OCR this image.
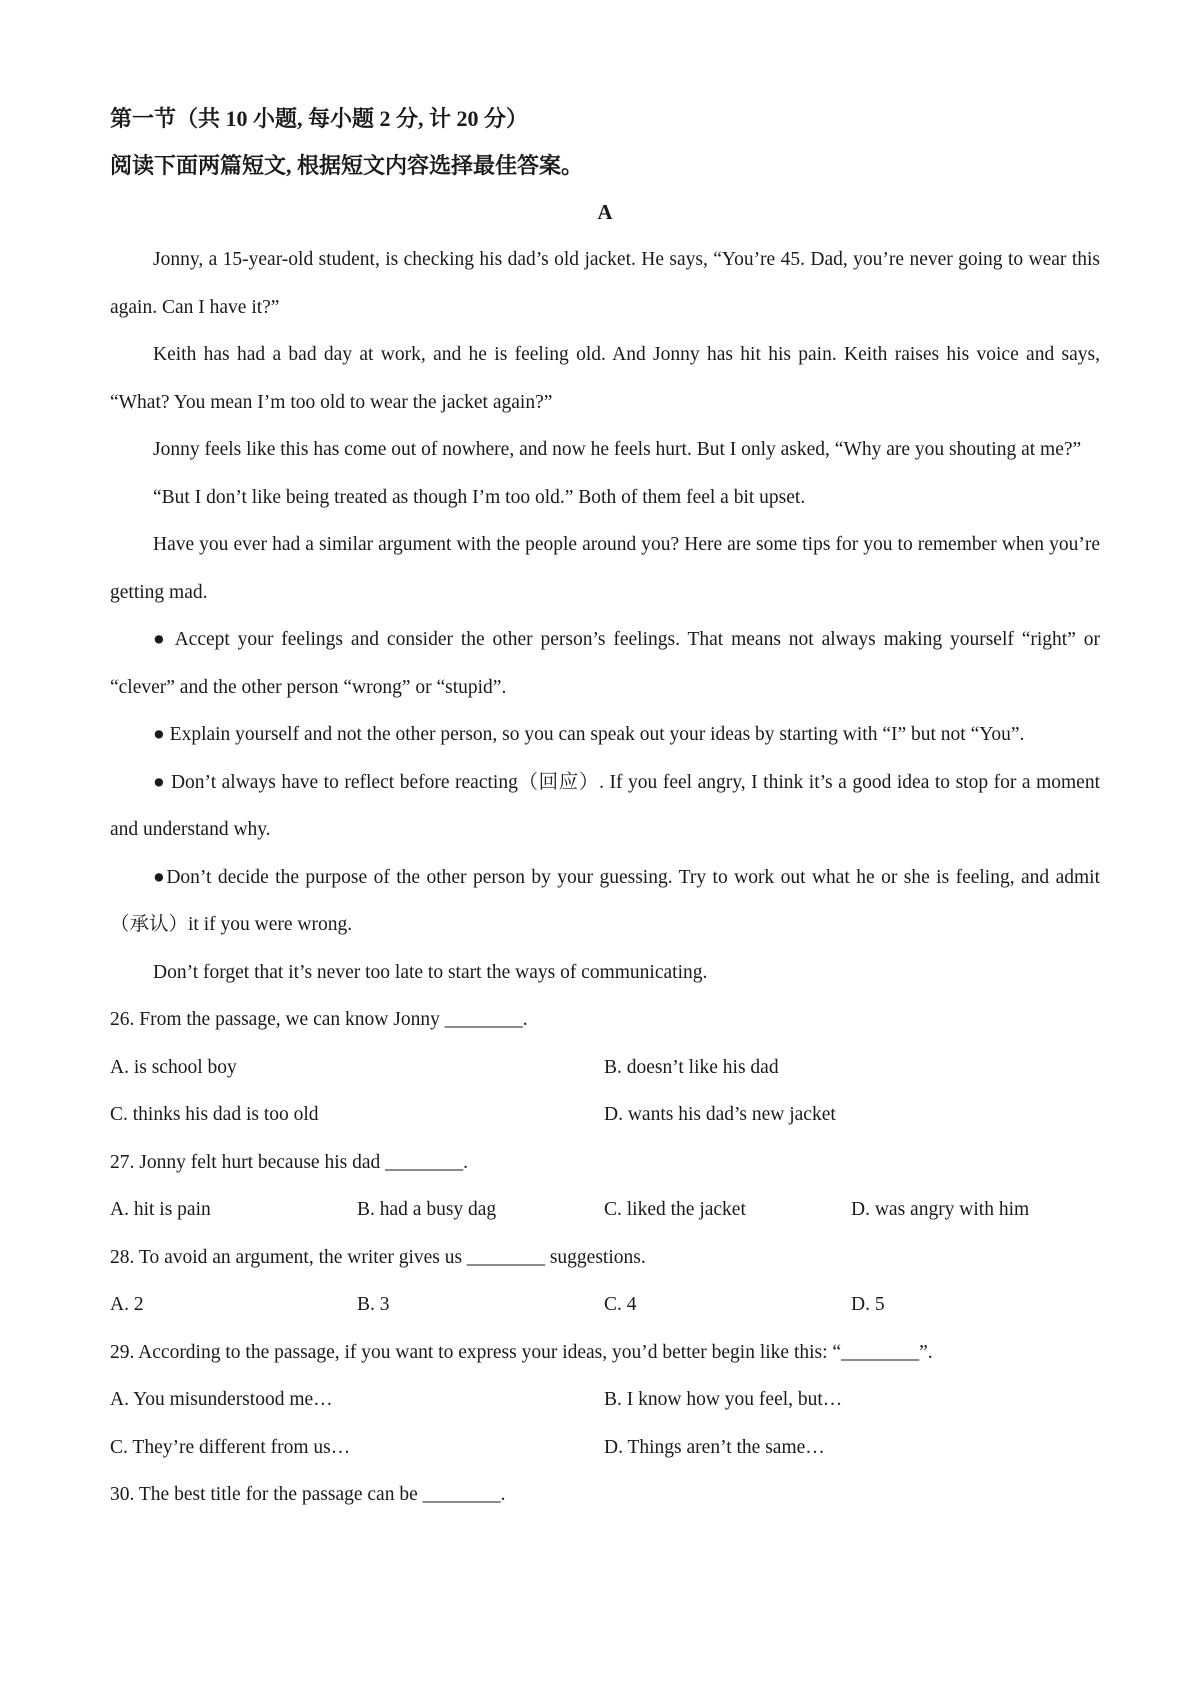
第一节（共 10 小题, 每小题 2 分, 计 20 分）

阅读下面两篇短文, 根据短文内容选择最佳答案。

A

Jonny, a 15-year-old student, is checking his dad’s old jacket. He says, “You’re 45. Dad, you’re never going to wear this again. Can I have it?”

Keith has had a bad day at work, and he is feeling old. And Jonny has hit his pain. Keith raises his voice and says, “What? You mean I’m too old to wear the jacket again?”

Jonny feels like this has come out of nowhere, and now he feels hurt. But I only asked, “Why are you shouting at me?”

“But I don’t like being treated as though I’m too old.” Both of them feel a bit upset.

Have you ever had a similar argument with the people around you? Here are some tips for you to remember when you’re getting mad.

● Accept your feelings and consider the other person’s feelings. That means not always making yourself “right” or “clever” and the other person “wrong” or “stupid”.

● Explain yourself and not the other person, so you can speak out your ideas by starting with “I” but not “You”.

● Don’t always have to reflect before reacting（回应）. If you feel angry, I think it’s a good idea to stop for a moment and understand why.

●Don’t decide the purpose of the other person by your guessing. Try to work out what he or she is feeling, and admit（承认）it if you were wrong.

Don’t forget that it’s never too late to start the ways of communicating.

26. From the passage, we can know Jonny ________.

A. is school boy	B. doesn’t like his dad
C. thinks his dad is too old	D. wants his dad’s new jacket

27. Jonny felt hurt because his dad ________.

A. hit is pain	B. had a busy dag	C. liked the jacket	D. was angry with him

28. To avoid an argument, the writer gives us ________ suggestions.

A. 2	B. 3	C. 4	D. 5

29. According to the passage, if you want to express your ideas, you’d better begin like this: “________”.

A. You misunderstood me…	B. I know how you feel, but…
C. They’re different from us…	D. Things aren’t the same…

30. The best title for the passage can be ________.
